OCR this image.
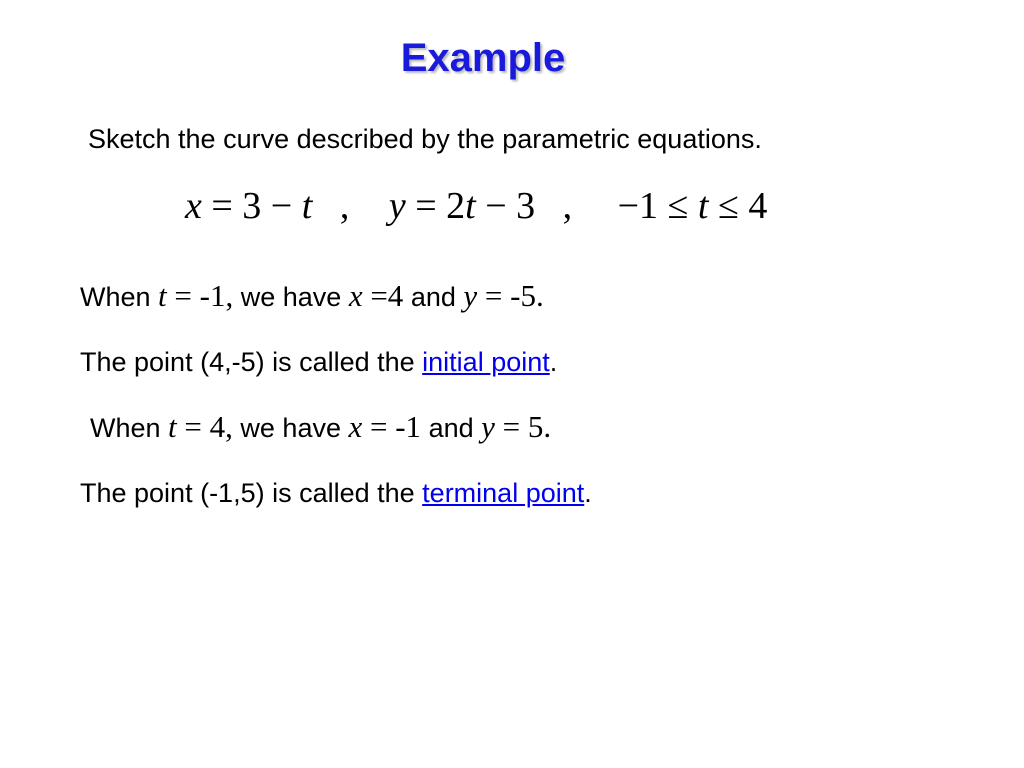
Example
Sketch the curve described by the parametric equations.
x = 3 − t , y = 2t − 3 , −1 ≤ t ≤ 4
When t = -1, we have x =4 and y = -5.
The point (4,-5) is called the initial point.
When t = 4, we have x = -1 and y = 5.
The point (-1,5) is called the terminal point.
